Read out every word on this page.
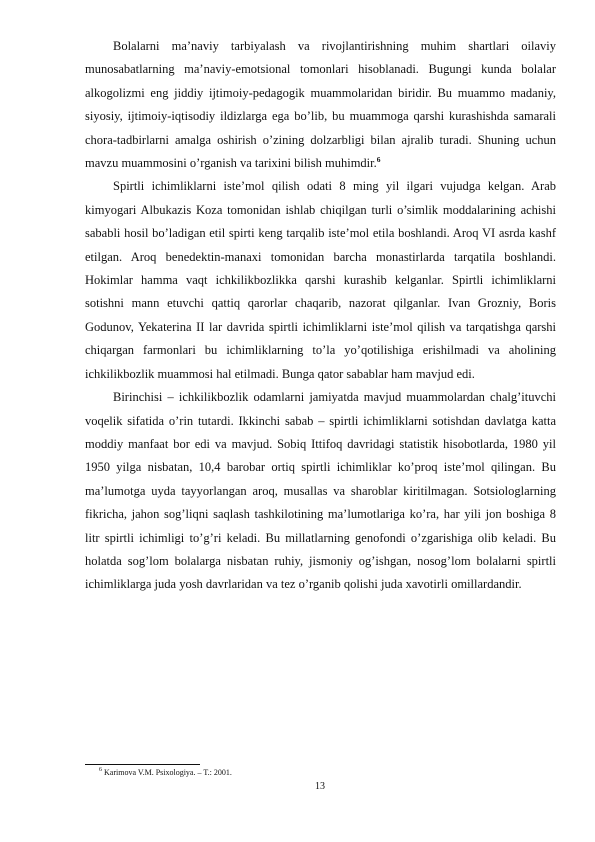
Bolalarni ma’naviy tarbiyalash va rivojlantirishning muhim shartlari oilaviy munosabatlarning ma’naviy-emotsional tomonlari hisoblanadi. Bugungi kunda bolalar alkogolizmi eng jiddiy ijtimoiy-pedagogik muammolaridan biridir. Bu muammo madaniy, siyosiy, ijtimoiy-iqtisodiy ildizlarga ega bo’lib, bu muammoga qarshi kurashishda samarali chora-tadbirlarni amalga oshirish o’zining dolzarbligi bilan ajralib turadi. Shuning uchun mavzu muammosini o’rganish va tarixini bilish muhimdir.$^6$

Spirtli ichimliklarni iste’mol qilish odati 8 ming yil ilgari vujudga kelgan. Arab kimyogari Albukazis Koza tomonidan ishlab chiqilgan turli o’simlik moddalarining achishi sababli hosil bo’ladigan etil spirti keng tarqalib iste’mol etila boshlandi. Aroq VI asrda kashf etilgan. Aroq benedektin-manaxi tomonidan barcha monastirlarda tarqatila boshlandi. Hokimlar hamma vaqt ichkilikbozlikka qarshi kurashib kelganlar. Spirtli ichimliklarni sotishni mann etuvchi qattiq qarorlar chaqarib, nazorat qilganlar. Ivan Grozniy, Boris Godunov, Yekaterina II lar davrida spirtli ichimliklarni iste’mol qilish va tarqatishga qarshi chiqargan farmonlari bu ichimliklarning to’la yo’qotilishiga erishilmadi va aholining ichkilikbozlik muammosi hal etilmadi. Bunga qator sabablar ham mavjud edi.

Birinchisi – ichkilikbozlik odamlarni jamiyatda mavjud muammolardan chalg’ituvchi voqelik sifatida o’rin tutardi. Ikkinchi sabab – spirtli ichimliklarni sotishdan davlatga katta moddiy manfaat bor edi va mavjud. Sobiq Ittifoq davridagi statistik hisobotlarda, 1980 yil 1950 yilga nisbatan, 10,4 barobar ortiq spirtli ichimliklar ko’proq iste’mol qilingan. Bu ma’lumotga uyda tayyorlangan aroq, musallas va sharoblar kiritilmagan. Sotsiologlarning fikricha, jahon sog’liqni saqlash tashkilotining ma’lumotlariga ko’ra, har yili jon boshiga 8 litr spirtli ichimligi to’g’ri keladi. Bu millatlarning genofondi o’zgarishiga olib keladi. Bu holatda sog’lom bolalarga nisbatan ruhiy, jismoniy og’ishgan, nosog’lom bolalarni spirtli ichimliklarga juda yosh davrlaridan va tez o’rganib qolishi juda xavotirli omillardandir.

$^6$ Karimova V.M. Psixologiya. – T.: 2001.
13
